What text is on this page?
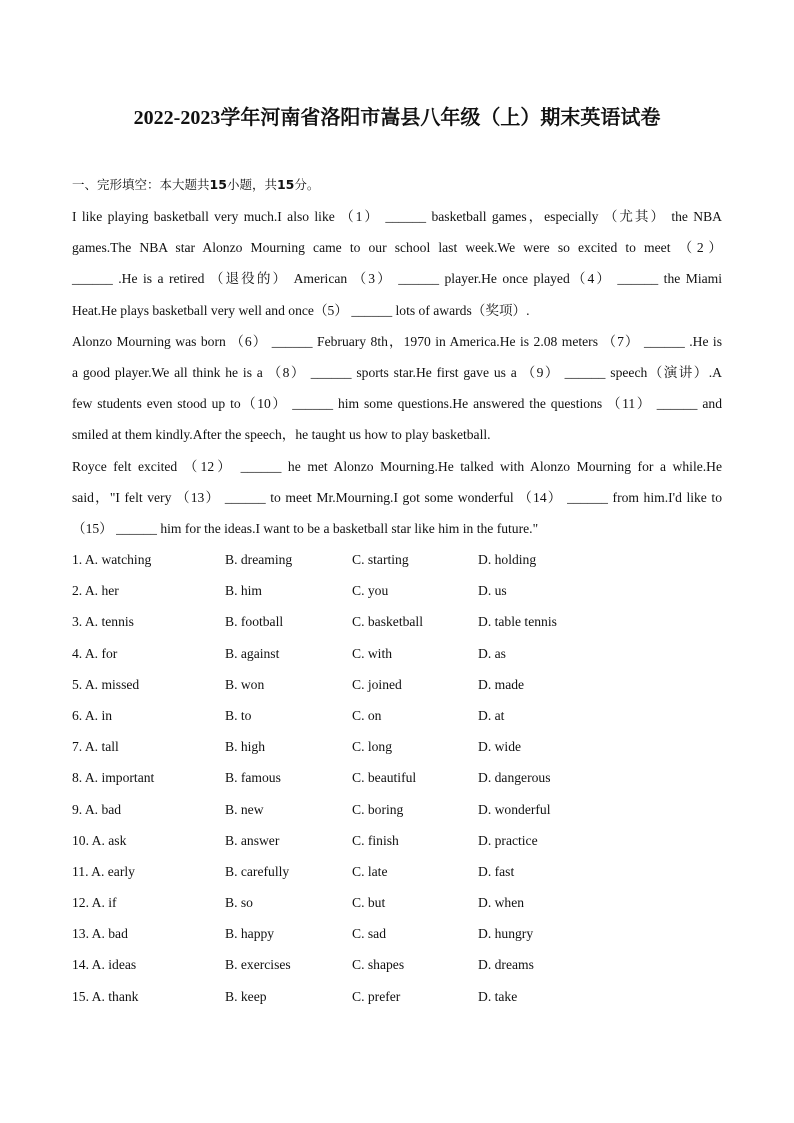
2022-2023学年河南省洛阳市嵩县八年级（上）期末英语试卷
一、完形填空：本大题共15小题，共15分。
I like playing basketball very much.I also like （1） ______ basketball games，especially （尤其） the NBA
games.The NBA star Alonzo Mourning came to our school last week.We were so excited to meet （2）
______ .He is a retired （退役的） American （3） ______ player.He once played（4） ______ the Miami
Heat.He plays basketball very well and once（5） ______ lots of awards（奖项）.
Alonzo Mourning was born （6） ______ February 8th，1970 in America.He is 2.08 meters （7） ______ .He is
a good player.We all think he is a （8） ______ sports star.He first gave us a （9） ______ speech（演讲）.A
few students even stood up to（10） ______ him some questions.He answered the questions （11） ______ and
smiled at them kindly.After the speech，he taught us how to play basketball.
Royce felt excited （12） ______ he met Alonzo Mourning.He talked with Alonzo Mourning for a while.He
said，"I felt very （13） ______ to meet Mr.Mourning.I got some wonderful （14） ______ from him.I'd like to
（15） ______ him for the ideas.I want to be a basketball star like him in the future."
1. A. watching	B. dreaming	C. starting	D. holding
2. A. her	B. him	C. you	D. us
3. A. tennis	B. football	C. basketball	D. table tennis
4. A. for	B. against	C. with	D. as
5. A. missed	B. won	C. joined	D. made
6. A. in	B. to	C. on	D. at
7. A. tall	B. high	C. long	D. wide
8. A. important	B. famous	C. beautiful	D. dangerous
9. A. bad	B. new	C. boring	D. wonderful
10. A. ask	B. answer	C. finish	D. practice
11. A. early	B. carefully	C. late	D. fast
12. A. if	B. so	C. but	D. when
13. A. bad	B. happy	C. sad	D. hungry
14. A. ideas	B. exercises	C. shapes	D. dreams
15. A. thank	B. keep	C. prefer	D. take
